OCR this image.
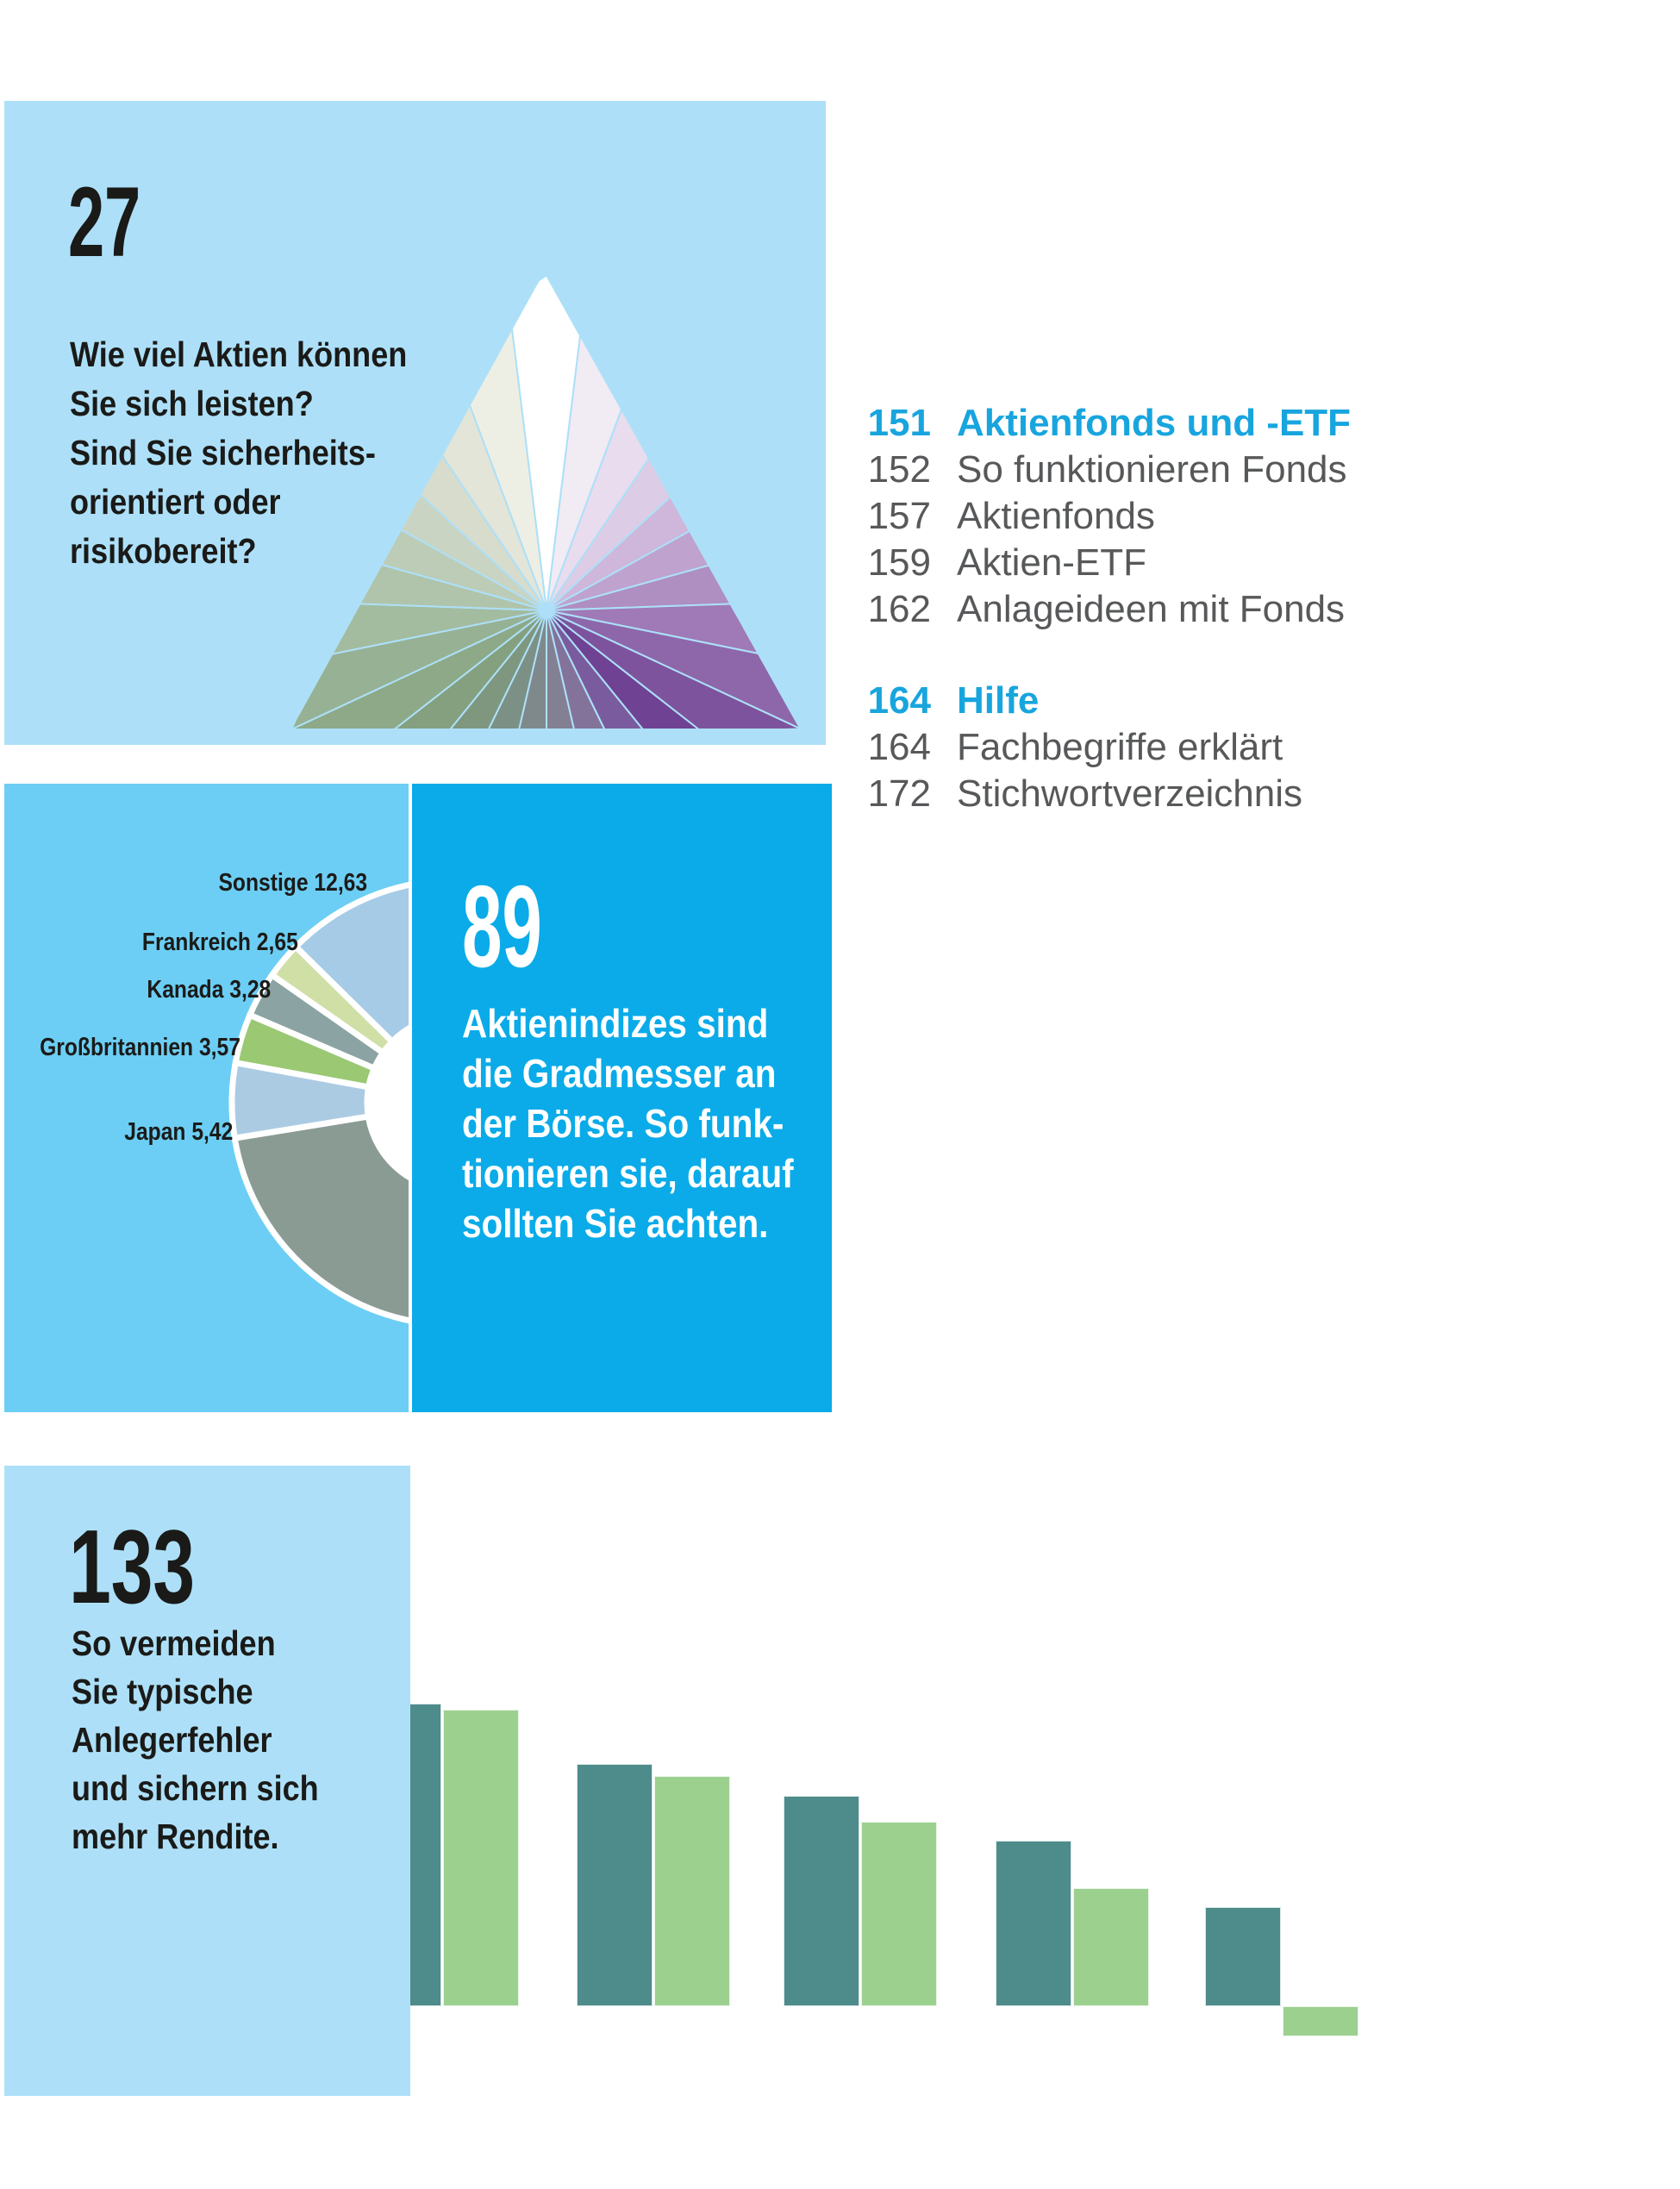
27
Wie viel Aktien können
Sie sich leisten?
Sind Sie sicherheits-
orientiert oder
risikobereit?
151 Aktienfonds und -ETF
152 So funktionieren Fonds
157 Aktienfonds
159 Aktien-ETF
162 Anlageideen mit Fonds
164 Hilfe
164 Fachbegriffe erklärt
172 Stichwortverzeichnis
Sonstige 12,63
Frankreich 2,65
Kanada 3,28
Großbritannien 3,57
Japan 5,42
89
Aktienindizes sind
die Gradmesser an
der Börse. So funk-
tionieren sie, darauf
sollten Sie achten.
133
So vermeiden
Sie typische
Anlegerfehler
und sichern sich
mehr Rendite.
